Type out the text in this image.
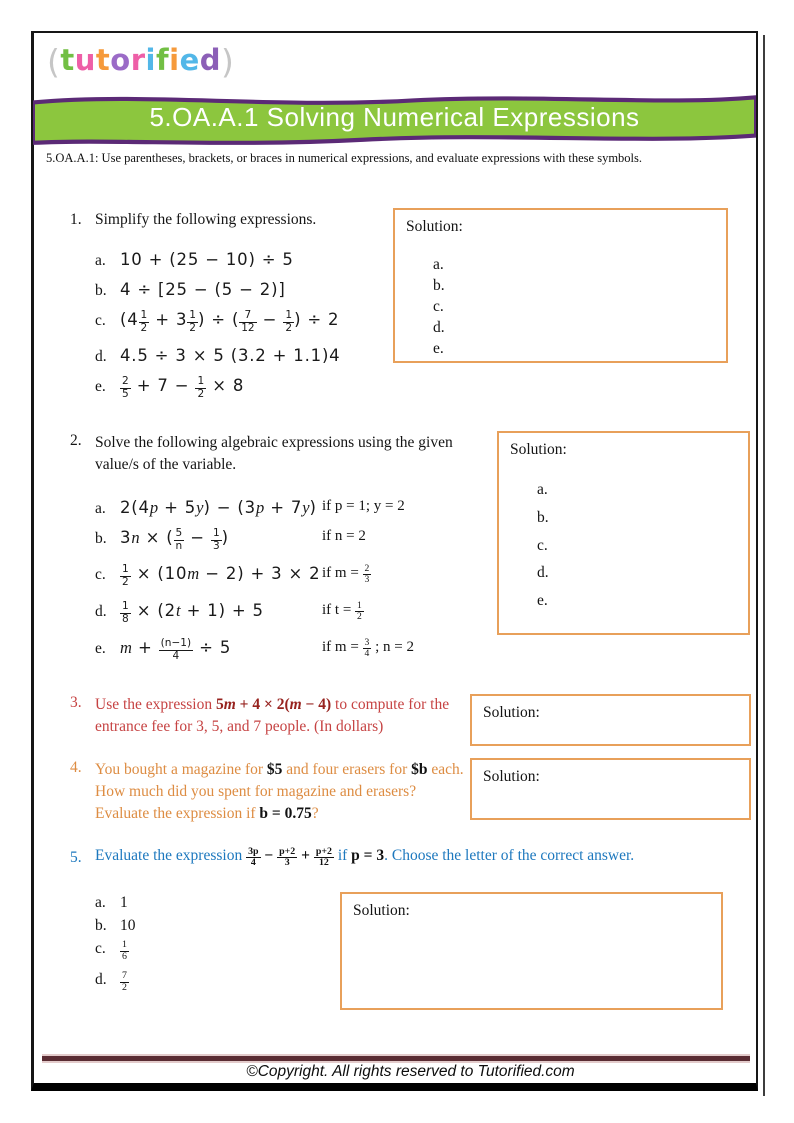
(tutorified)
5.OA.A.1 Solving Numerical Expressions
5.OA.A.1: Use parentheses, brackets, or braces in numerical expressions, and evaluate expressions with these symbols.
1. Simplify the following expressions.
a. 10 + (25 − 10) ÷ 5
b. 4 ÷ [25 − (5 − 2)]
c. ($4 \frac{1}{2} + 3 \frac{1}{2}$ ) ÷ ( $\frac{7}{12} - \frac{1}{2}$ ) ÷ 2
d. 4.5 ÷ 3 × 5 (3.2 + 1.1)4
e. $\frac{2}{5} + 7 - \frac{1}{2} \times 8$
Solution:
a.
b.
c.
d.
e.
2. Solve the following algebraic expressions using the given value/s of the variable.
a. 2(4p + 5y) − (3p + 7y) if p = 1; y = 2
b. 3n × ( $\frac{5}{n} - \frac{1}{3}$ )	if n = 2
c. $\frac{1}{2} \times (10m - 2) + 3 \times 2$ if $m = \frac{2}{3}$
d. $\frac{1}{8} \times (2t + 1) + 5$	if $t = \frac{1}{2}$
e. $m + \frac{(n-1)}{4} \div 5$	if $m = \frac{3}{4}$ ; n = 2
Solution:
a.
b.
c.
d.
e.
3. Use the expression 5m + 4 × 2(m − 4) to compute for the entrance fee for 3, 5, and 7 people. (In dollars)
Solution:
4. You bought a magazine for $5 and four erasers for $b each. How much did you spent for magazine and erasers? Evaluate the expression if b = 0.75?
Solution:
5. Evaluate the expression $\frac{3p}{4} - \frac{p+2}{3} + \frac{p+2}{12}$ if p = 3. Choose the letter of the correct answer.
a. 1
b. 10
c. $\frac{1}{6}$
d. $\frac{7}{2}$
Solution:
©Copyright. All rights reserved to Tutorified.com
